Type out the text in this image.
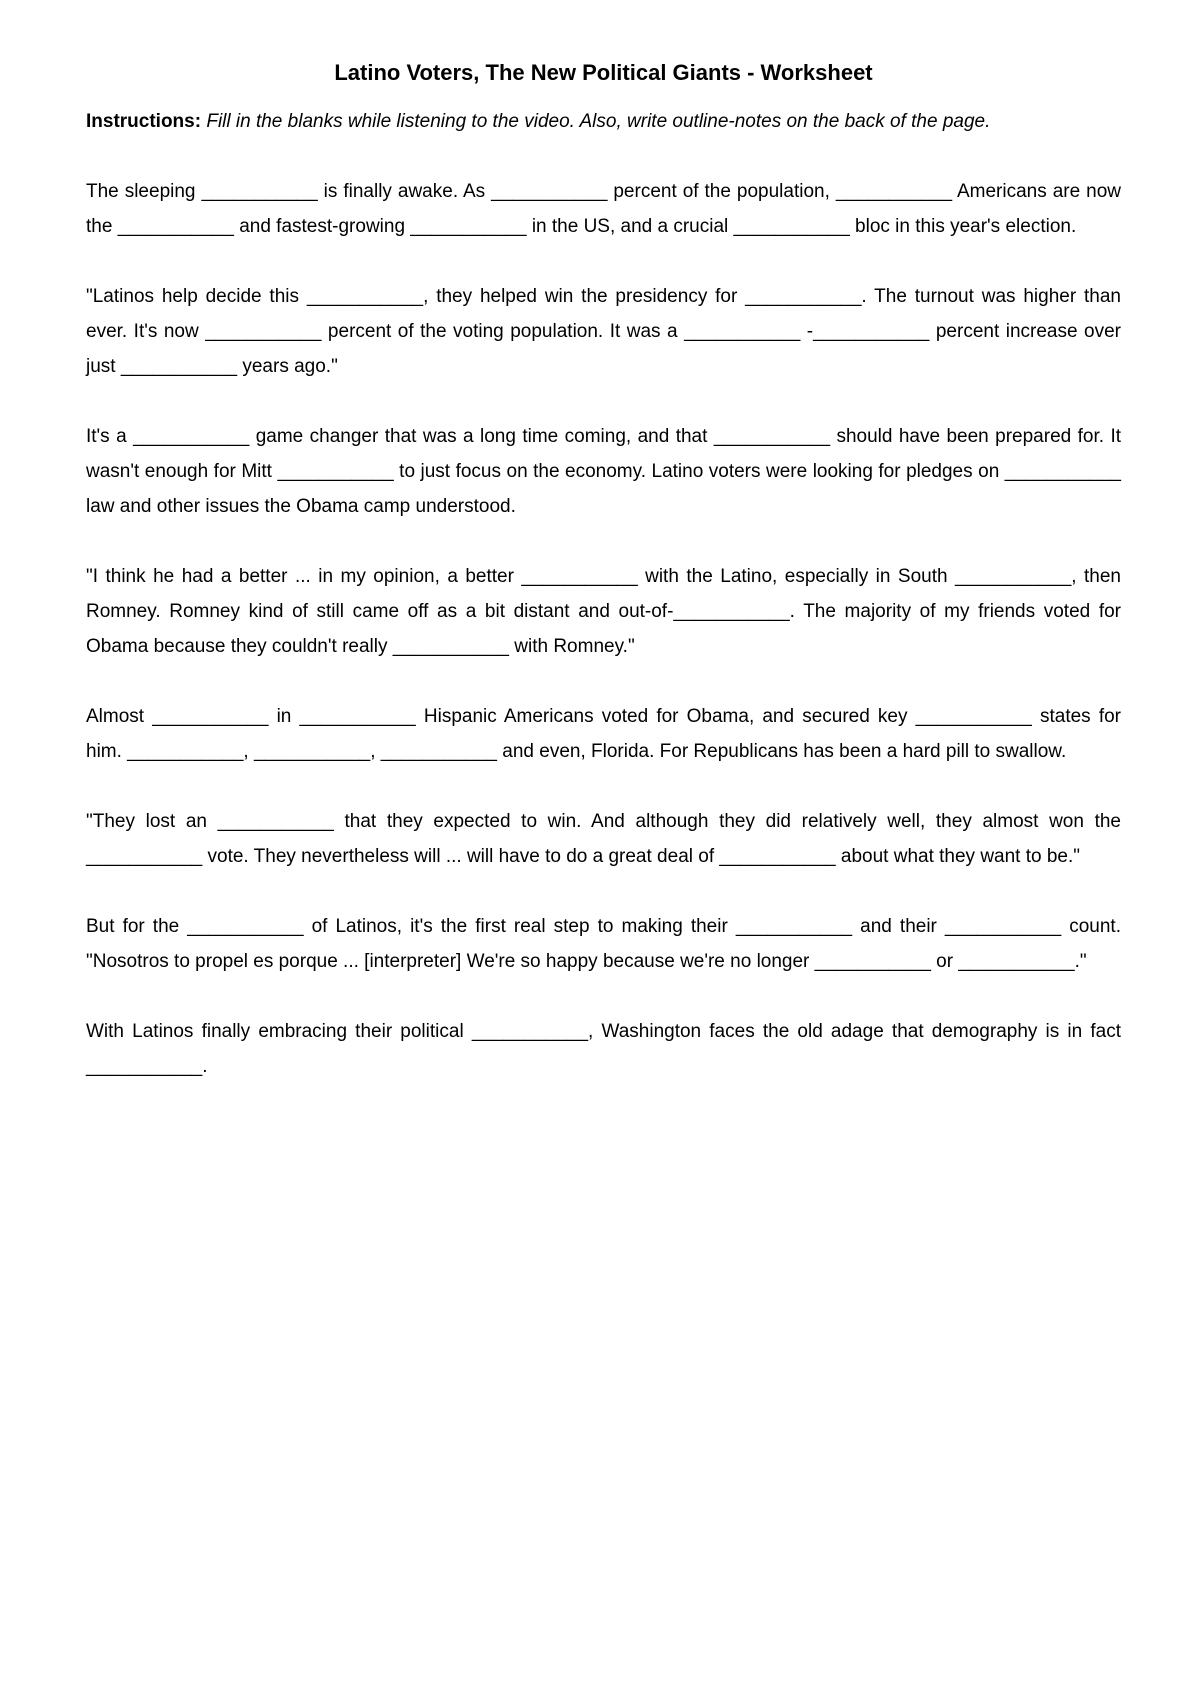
Latino Voters, The New Political Giants - Worksheet

Instructions: Fill in the blanks while listening to the video. Also, write outline-notes on the back of the page.

The sleeping ___________ is finally awake. As ___________ percent of the population, ___________ Americans are now the ___________ and fastest-growing ___________ in the US, and a crucial ___________ bloc in this year's election.

"Latinos help decide this ___________, they helped win the presidency for ___________. The turnout was higher than ever. It's now ___________ percent of the voting population. It was a ___________ -___________ percent increase over just ___________ years ago."

It's a ___________ game changer that was a long time coming, and that ___________ should have been prepared for. It wasn't enough for Mitt ___________ to just focus on the economy. Latino voters were looking for pledges on ___________ law and other issues the Obama camp understood.

"I think he had a better ... in my opinion, a better ___________ with the Latino, especially in South ___________, then Romney. Romney kind of still came off as a bit distant and out-of-___________. The majority of my friends voted for Obama because they couldn't really ___________ with Romney."

Almost ___________ in ___________ Hispanic Americans voted for Obama, and secured key ___________ states for him. ___________, ___________, ___________ and even, Florida. For Republicans has been a hard pill to swallow.

"They lost an ___________ that they expected to win. And although they did relatively well, they almost won the ___________ vote. They nevertheless will ... will have to do a great deal of ___________ about what they want to be."

But for the ___________ of Latinos, it's the first real step to making their ___________ and their ___________ count.  "Nosotros to propel es porque ... [interpreter] We're so happy because we're no longer ___________ or ___________."

With Latinos finally embracing their political ___________, Washington faces the old adage that demography is in fact ___________.
